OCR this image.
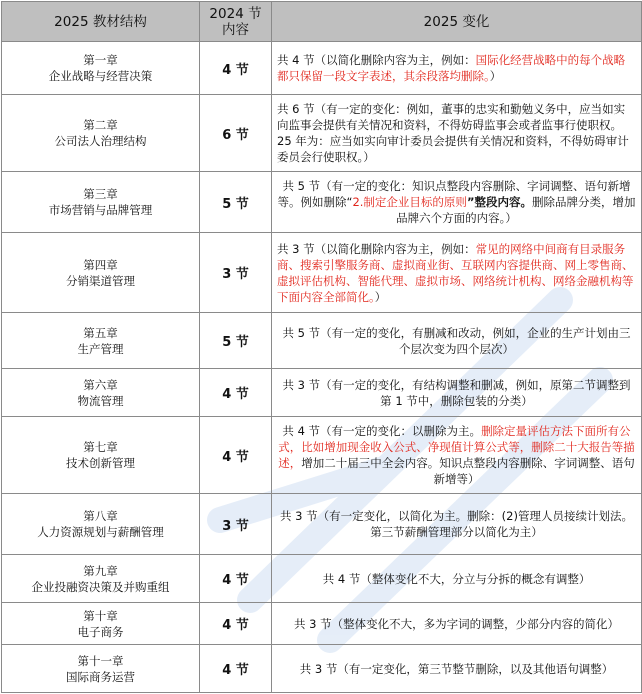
2025 教材结构	2024 节
内容	2025 变化

第一章
企业战略与经营决策	4 节	共 4 节（以简化删除内容为主，例如：国际化经营战略中的每个战略都只保留一段文字表述，其余段落均删除。）

第二章
公司法人治理结构	6 节	共 6 节（有一定的变化：例如，董事的忠实和勤勉义务中，应当如实向监事会提供有关情况和资料，不得妨碍监事会或者监事行使职权。25 年为：应当如实向审计委员会提供有关情况和资料，不得妨碍审计委员会行使职权。）

第三章
市场营销与品牌管理	5 节	共 5 节（有一定的变化：知识点整段内容删除、字词调整、语句新增等。例如删除“2.制定企业目标的原则”整段内容。删除品牌分类，增加品牌六个方面的内容。）

第四章
分销渠道管理	3 节	共 3 节（以简化删除内容为主，例如：常见的网络中间商有目录服务商、搜索引擎服务商、虚拟商业街、互联网内容提供商、网上零售商、虚拟评估机构、智能代理、虚拟市场、网络统计机构、网络金融机构等下面内容全部简化。）

第五章
生产管理	5 节	共 5 节（有一定的变化，有删减和改动，例如，企业的生产计划由三个层次变为四个层次）

第六章
物流管理	4 节	共 3 节（有一定的变化，有结构调整和删减，例如，原第二节调整到第 1 节中，删除包装的分类）

第七章
技术创新管理	4 节	共 4 节（有一定的变化：以删除为主。删除定量评估方法下面所有公式，比如增加现金收入公式、净现值计算公式等，删除二十大报告等描述，增加二十届三中全会内容。知识点整段内容删除、字词调整、语句新增等）

第八章
人力资源规划与薪酬管理	3 节	共 3 节（有一定变化，以简化为主。删除：(2)管理人员接续计划法。第三节薪酬管理部分以简化为主）

第九章
企业投融资决策及并购重组	4 节	共 4 节（整体变化不大，分立与分拆的概念有调整）

第十章
电子商务	4 节	共 3 节（整体变化不大，多为字词的调整，少部分内容的简化）

第十一章
国际商务运营	4 节	共 3 节（有一定变化，第三节整节删除，以及其他语句调整）
